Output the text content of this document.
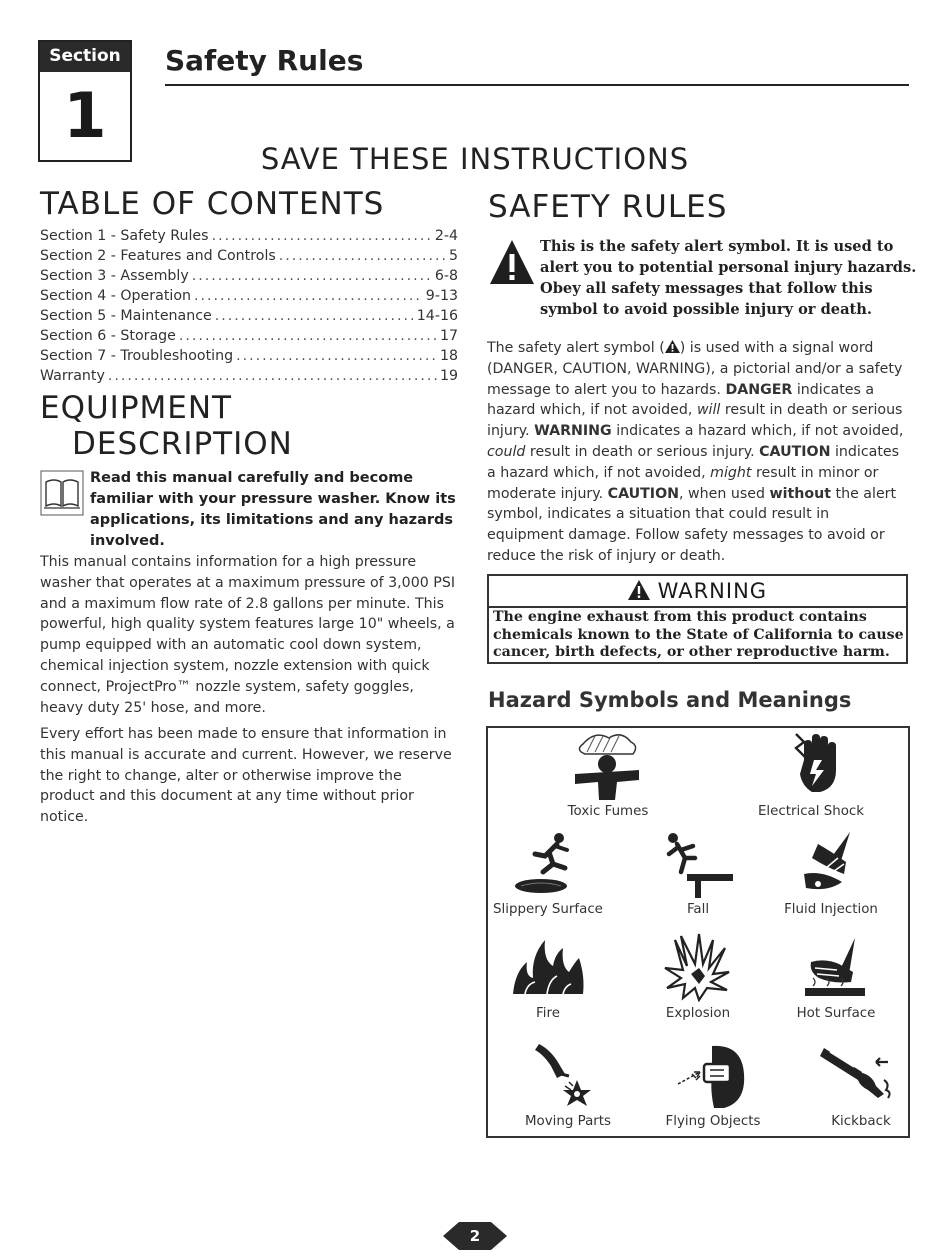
Section
1
Safety Rules
SAVE THESE INSTRUCTIONS
TABLE OF CONTENTS
Section 1 - Safety Rules .....	2-4
Section 2 - Features and Controls .....	5
Section 3 - Assembly .....	6-8
Section 4 - Operation .....	9-13
Section 5 - Maintenance .....	14-16
Section 6 - Storage .....	17
Section 7 - Troubleshooting .....	18
Warranty .....	19
EQUIPMENT
DESCRIPTION
Read this manual carefully and become familiar with your pressure washer. Know its applications, its limitations and any hazards involved.
This manual contains information for a high pressure washer that operates at a maximum pressure of 3,000 PSI and a maximum flow rate of 2.8 gallons per minute. This powerful, high quality system features large 10" wheels, a pump equipped with an automatic cool down system, chemical injection system, nozzle extension with quick connect, ProjectPro™ nozzle system, safety goggles, heavy duty 25' hose, and more.
Every effort has been made to ensure that information in this manual is accurate and current. However, we reserve the right to change, alter or otherwise improve the product and this document at any time without prior notice.
SAFETY RULES
This is the safety alert symbol. It is used to alert you to potential personal injury hazards. Obey all safety messages that follow this symbol to avoid possible injury or death.
The safety alert symbol ( ) is used with a signal word (DANGER, CAUTION, WARNING), a pictorial and/or a safety message to alert you to hazards. DANGER indicates a hazard which, if not avoided, will result in death or serious injury. WARNING indicates a hazard which, if not avoided, could result in death or serious injury. CAUTION indicates a hazard which, if not avoided, might result in minor or moderate injury. CAUTION, when used without the alert symbol, indicates a situation that could result in equipment damage. Follow safety messages to avoid or reduce the risk of injury or death.
WARNING
The engine exhaust from this product contains chemicals known to the State of California to cause cancer, birth defects, or other reproductive harm.
Hazard Symbols and Meanings
Toxic Fumes	Electrical Shock
Slippery Surface	Fall	Fluid Injection
Fire	Explosion	Hot Surface
Moving Parts	Flying Objects	Kickback
2
